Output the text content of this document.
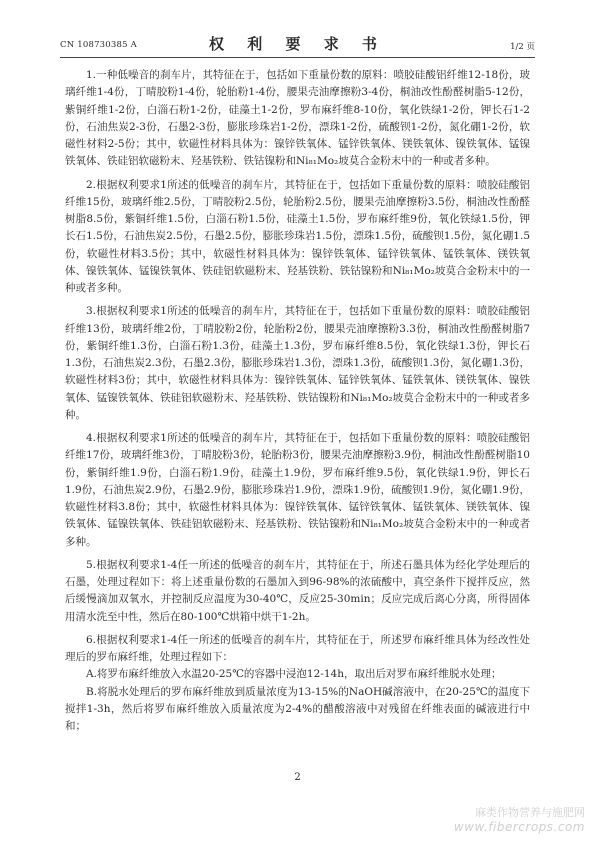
CN 108730385 A	权 利 要 求 书	1/2 页

1.一种低噪音的刹车片，其特征在于，包括如下重量份数的原料：喷胶硅酸铝纤维12-18份，玻璃纤维1-4份，丁晴胶粉1-4份，轮胎粉1-4份，腰果壳油摩擦粉3-4份，桐油改性酚醛树脂5-12份，紫铜纤维1-2份，白淄石粉1-2份，硅藻土1-2份，罗布麻纤维8-10份，氧化铁绿1-2份，钾长石1-2份，石油焦炭2-3份，石墨2-3份，膨胀珍珠岩1-2份，漂珠1-2份，硫酸钡1-2份，氮化硼1-2份，软磁性材料2-5份；其中，软磁性材料具体为：镍锌铁氧体、锰锌铁氧体、镁铁氧体、镍铁氧体、锰镍铁氧体、铁硅铝软磁粉末、羟基铁粉、铁钴镍粉和Ni₈₁Mo₂坡莫合金粉末中的一种或者多种。

2.根据权利要求1所述的低噪音的刹车片，其特征在于，包括如下重量份数的原料：喷胶硅酸铝纤维15份，玻璃纤维2.5份，丁晴胶粉2.5份，轮胎粉2.5份，腰果壳油摩擦粉3.5份，桐油改性酚醛树脂8.5份，紫铜纤维1.5份，白淄石粉1.5份，硅藻土1.5份，罗布麻纤维9份，氧化铁绿1.5份，钾长石1.5份，石油焦炭2.5份，石墨2.5份，膨胀珍珠岩1.5份，漂珠1.5份，硫酸钡1.5份，氮化硼1.5份，软磁性材料3.5份；其中，软磁性材料具体为：镍锌铁氧体、锰锌铁氧体、锰铁氧体、镁铁氧体、镍铁氧体、锰镍铁氧体、铁硅铝软磁粉末、羟基铁粉、铁钴镍粉和Ni₈₁Mo₂坡莫合金粉末中的一种或者多种。

3.根据权利要求1所述的低噪音的刹车片，其特征在于，包括如下重量份数的原料：喷胶硅酸铝纤维13份，玻璃纤维2份，丁晴胶粉2份，轮胎粉2份，腰果壳油摩擦粉3.3份，桐油改性酚醛树脂7份，紫铜纤维1.3份，白淄石粉1.3份，硅藻土1.3份，罗布麻纤维8.5份，氧化铁绿1.3份，钾长石1.3份，石油焦炭2.3份，石墨2.3份，膨胀珍珠岩1.3份，漂珠1.3份，硫酸钡1.3份，氮化硼1.3份，软磁性材料3份；其中，软磁性材料具体为：镍锌铁氧体、锰锌铁氧体、锰铁氧体、镁铁氧体、镍铁氧体、锰镍铁氧体、铁硅铝软磁粉末、羟基铁粉、铁钴镍粉和Ni₈₁Mo₂坡莫合金粉末中的一种或者多种。

4.根据权利要求1所述的低噪音的刹车片，其特征在于，包括如下重量份数的原料：喷胶硅酸铝纤维17份，玻璃纤维3份，丁晴胶粉3份，轮胎粉3份，腰果壳油摩擦粉3.9份，桐油改性酚醛树脂10份，紫铜纤维1.9份，白淄石粉1.9份，硅藻土1.9份，罗布麻纤维9.5份，氧化铁绿1.9份，钾长石1.9份，石油焦炭2.9份，石墨2.9份，膨胀珍珠岩1.9份，漂珠1.9份，硫酸钡1.9份，氮化硼1.9份，软磁性材料3.8份；其中，软磁性材料具体为：镍锌铁氧体、锰锌铁氧体、锰铁氧体、镁铁氧体、镍铁氧体、锰镍铁氧体、铁硅铝软磁粉末、羟基铁粉、铁钴镍粉和Ni₈₁Mo₂坡莫合金粉末中的一种或者多种。

5.根据权利要求1-4任一所述的低噪音的刹车片，其特征在于，所述石墨具体为经化学处理后的石墨，处理过程如下：将上述重量份数的石墨加入到96-98%的浓硫酸中，真空条件下搅拌反应，然后缓慢滴加双氧水，并控制反应温度为30-40℃，反应25-30min；反应完成后离心分离，所得固体用清水洗至中性，然后在80-100℃烘箱中烘干1-2h。

6.根据权利要求1-4任一所述的低噪音的刹车片，其特征在于，所述罗布麻纤维具体为经改性处理后的罗布麻纤维，处理过程如下：

A.将罗布麻纤维放入水温20-25℃的容器中浸泡12-14h，取出后对罗布麻纤维脱水处理；

B.将脱水处理后的罗布麻纤维放到质量浓度为13-15%的NaOH碱溶液中，在20-25℃的温度下搅拌1-3h，然后将罗布麻纤维放入质量浓度为2-4%的醋酸溶液中对残留在纤维表面的碱液进行中和；

2
麻类作物营养与施肥网
www.fibercrops.com
